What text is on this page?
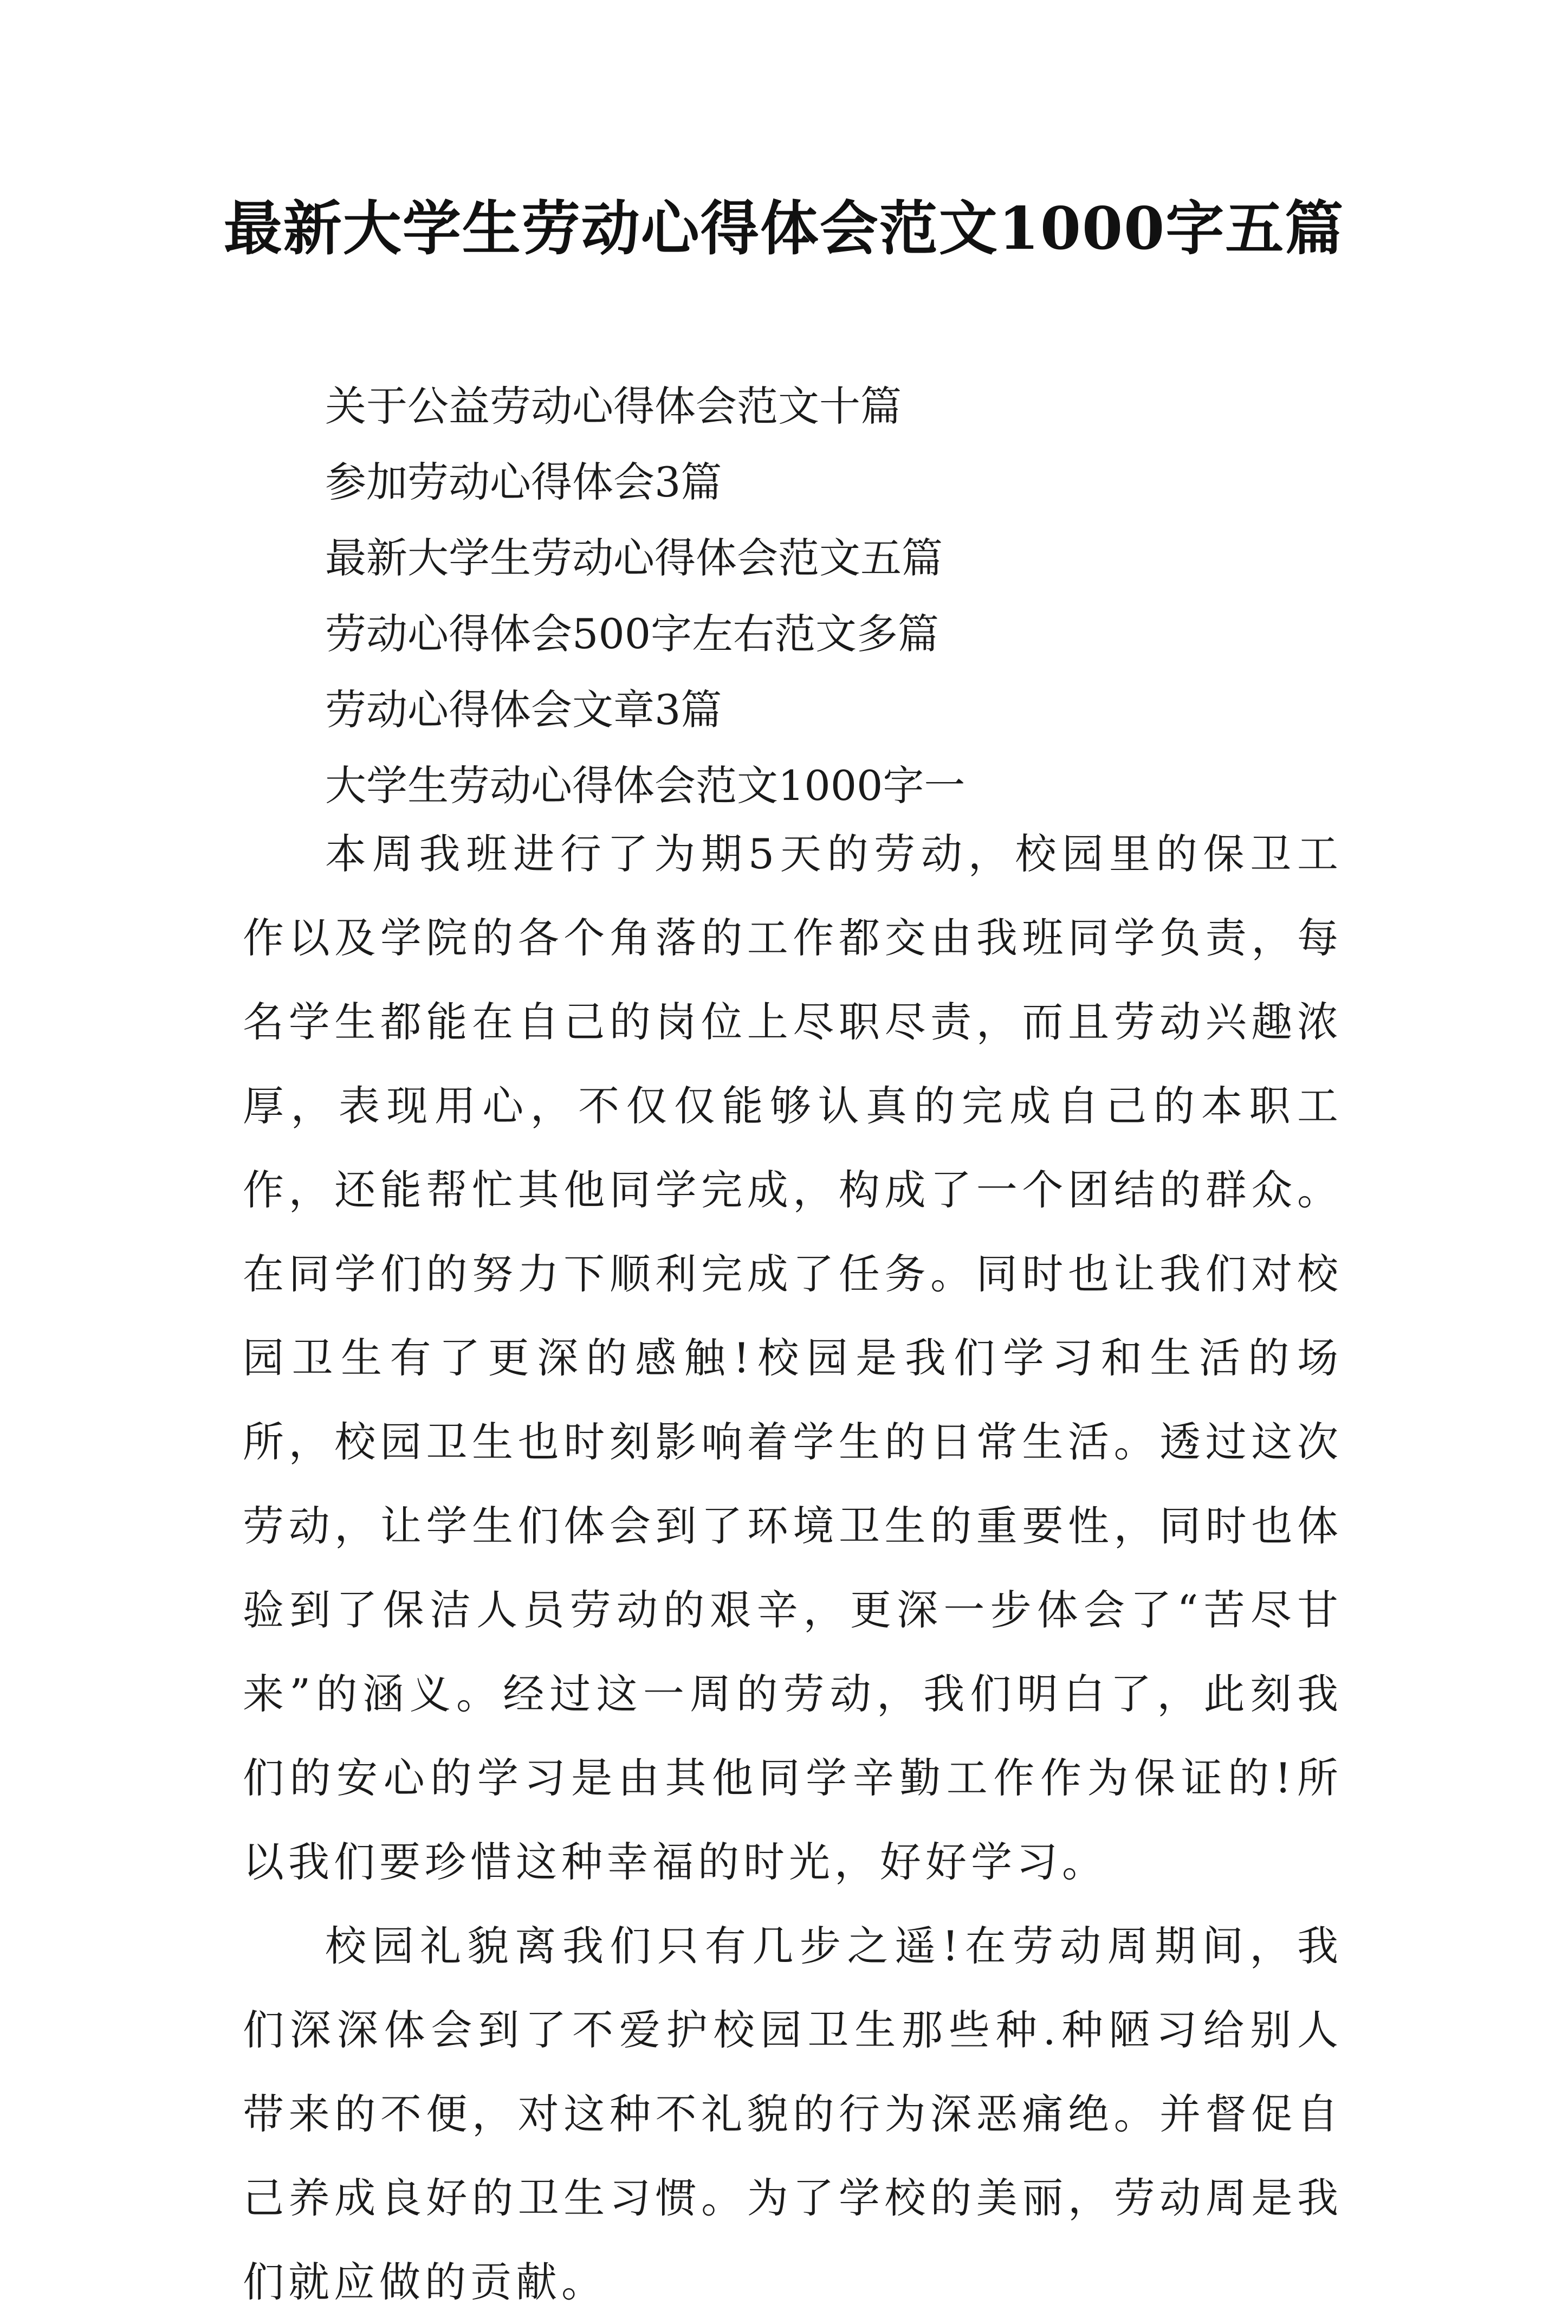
最新大学生劳动心得体会范文1000字五篇
关于公益劳动心得体会范文十篇
参加劳动心得体会3篇
最新大学生劳动心得体会范文五篇
劳动心得体会500字左右范文多篇
劳动心得体会文章3篇
大学生劳动心得体会范文1000字一

本周我班进行了为期5天的劳动，校园里的保卫工作以及学院的各个角落的工作都交由我班同学负责，每名学生都能在自己的岗位上尽职尽责，而且劳动兴趣浓厚，表现用心，不仅仅能够认真的完成自己的本职工作，还能帮忙其他同学完成，构成了一个团结的群众。在同学们的努力下顺利完成了任务。同时也让我们对校园卫生有了更深的感触!校园是我们学习和生活的场所，校园卫生也时刻影响着学生的日常生活。透过这次劳动，让学生们体会到了环境卫生的重要性，同时也体验到了保洁人员劳动的艰辛，更深一步体会了“苦尽甘来”的涵义。经过这一周的劳动，我们明白了，此刻我们的安心的学习是由其他同学辛勤工作作为保证的!所以我们要珍惜这种幸福的时光，好好学习。

校园礼貌离我们只有几步之遥!在劳动周期间，我们深深体会到了不爱护校园卫生那些种.种陋习给别人带来的不便，对这种不礼貌的行为深恶痛绝。并督促自己养成良好的卫生习惯。为了学校的美丽，劳动周是我们就应做的贡献。
